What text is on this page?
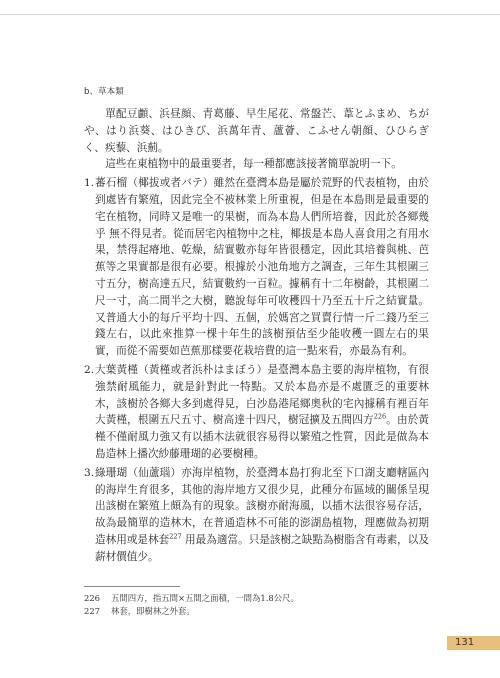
b、草本類

單配豆顱、浜昼顔、青葛藤、早生尾花、常盤芒、葦とふまめ、ちがや、はり浜葵、はひきび、浜萬年青、蘆薈、こふせん朝顔、ひひらぎく、疾藜、浜薊。

這些在東植物中的最重要者，每一種都應該接著簡單說明一下。

1. 蕃石榴（椰拔或者バテ）雖然在臺灣本島是屬於荒野的代表植物，由於到處皆有繁殖，因此完全不被林業上所重視，但是在本島則是最重要的宅在植物，同時又是唯一的果樹，而為本島人們所培養，因此於各鄉幾乎 無不得見者。從而居宅內植物中之柱，椰拔是本島人喜食用之有用水果，禁得起瘠地、乾燥，結實數亦每年皆很穩定，因此其培養與桃、芭蕉等之果實都是很有必要。根據於小池角地方之調查，三年生其根圍三寸五分，樹高達五尺，結實數約一百粒。據稱有十二年樹齡，其根圍二尺一寸，高二間半之大樹，聽說每年可收穫四十乃至五十斤之結實量。又普通大小的每斤平均十四、五個，於媽宮之買賣行情一斤二錢乃至三錢左右，以此來推算一棵十年生的該樹預估至少能收穫一圓左右的果實，而從不需要如芭蕉那樣要花栽培費的這一點來看，亦最為有利。
2. 大葉黃槿（黃槿或者浜朴はまぼう）是臺灣本島主要的海岸植物，有很強禁耐風能力，就是針對此一特點。又於本島亦是不處匱乏的重要林木，該樹於各鄉大多到處得見，白沙島港尾鄉奧秋的宅內據稱有裡百年大黃槿，根圍五尺五寸、樹高達十四尺，樹冠擴及五間四方$^{226}$。由於黃槿不僅耐風力強又有以插木法就很容易得以繁殖之性質，因此是做為本島造林上播次紗藤珊瑚的必要樹種。
3. 綠珊瑚（仙蘆瑙）亦海岸植物，於臺灣本島打狗北至下口湖支廳轄區內的海岸生育很多，其他的海岸地方又很少見，此種分布區域的關係呈現出該樹在繁殖上頗為有的現象。該樹亦耐海風，以插木法很容易存活，故為最簡單的造林木，在普通造林不可能的澎湖島植物，理應做為初期造林用或是林套$^{227}$ 用最為適當。只是該樹之缺點為樹脂含有毒素，以及薪材價值少。
226	五間四方，指五間×五間之面積，一間為1.8公尺。
227	林套，即樹林之外套。
131
